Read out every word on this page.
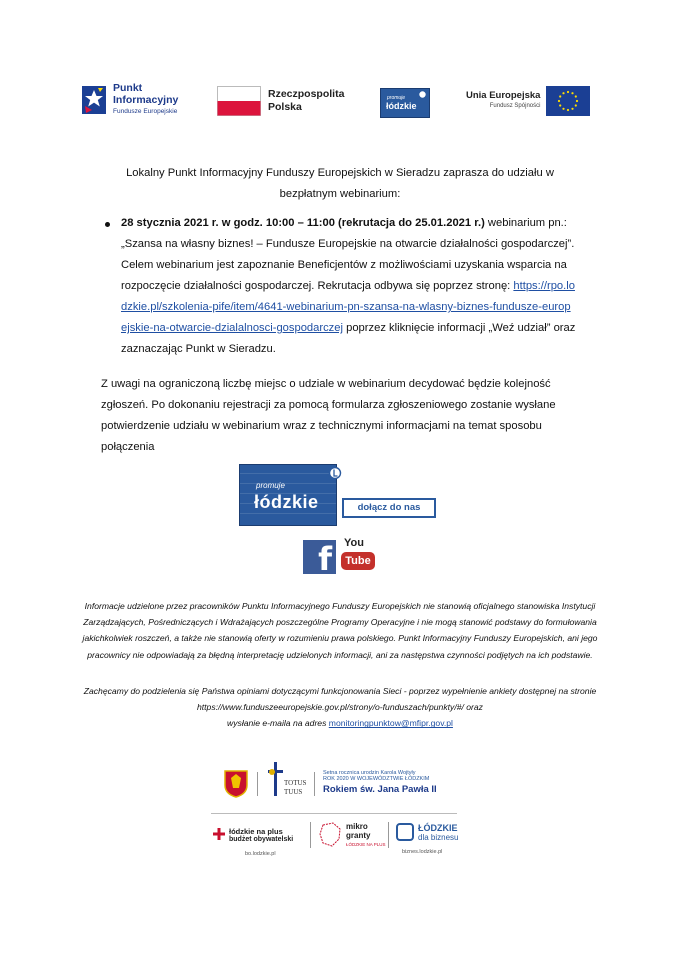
Punkt
Informacyjny
Fundusze Europejskie
Rzeczpospolita
Polska
promuje
łódzkie
Unia Europejska
Fundusz Spójności
Lokalny Punkt Informacyjny Funduszy Europejskich w Sieradzu zaprasza do udziału w bezpłatnym webinarium:
28 stycznia 2021 r. w godz. 10:00 – 11:00 (rekrutacja do 25.01.2021 r.) webinarium pn.: „Szansa na własny biznes! – Fundusze Europejskie na otwarcie działalności gospodarczej”. Celem webinarium jest zapoznanie Beneficjentów z możliwościami uzyskania wsparcia na rozpoczęcie działalności gospodarczej. Rekrutacja odbywa się poprzez stronę: https://rpo.lodzkie.pl/szkolenia-pife/item/4641-webinarium-pn-szansa-na-wlasny-biznes-fundusze-europejskie-na-otwarcie-dzialalnosci-gospodarczej poprzez kliknięcie informacji „Weź udział” oraz zaznaczając Punkt w Sieradzu.
Z uwagi na ograniczoną liczbę miejsc o udziale w webinarium decydować będzie kolejność zgłoszeń. Po dokonaniu rejestracji za pomocą formularza zgłoszeniowego zostanie wysłane potwierdzenie udziału w webinarium wraz z technicznymi informacjami na temat sposobu połączenia
promuje
łódzkie	dołącz do nas
f You
Tube
Informacje udzielone przez pracowników Punktu Informacyjnego Funduszy Europejskich nie stanowią oficjalnego stanowiska Instytucji Zarządzających, Pośredniczących i Wdrażających poszczególne Programy Operacyjne i nie mogą stanowić podstawy do formułowania jakichkolwiek roszczeń, a także nie stanowią oferty w rozumieniu prawa polskiego. Punkt Informacyjny Funduszy Europejskich, ani jego pracownicy nie odpowiadają za błędną interpretację udzielonych informacji, ani za następstwa czynności podjętych na ich podstawie.
Zachęcamy do podzielenia się Państwa opiniami dotyczącymi funkcjonowania Sieci - poprzez wypełnienie ankiety dostępnej na stronie https://www.funduszeeuropejskie.gov.pl/strony/o-funduszach/punkty/#/ oraz
wysłanie e-maila na adres monitoringpunktow@mfipr.gov.pl
TOTUS
TUUS
Setna rocznica urodzin Karola Wojtyły
ROK 2020 W WOJEWÓDZTWIE ŁÓDZKIM
Rokiem św. Jana Pawła II
łódzkie na plus
budżet obywatelski
bo.lodzkie.pl
mikro
granty
ŁÓDZKIE NA PLUS
ŁÓDZKIE
dla biznesu
biznes.lodzkie.pl
